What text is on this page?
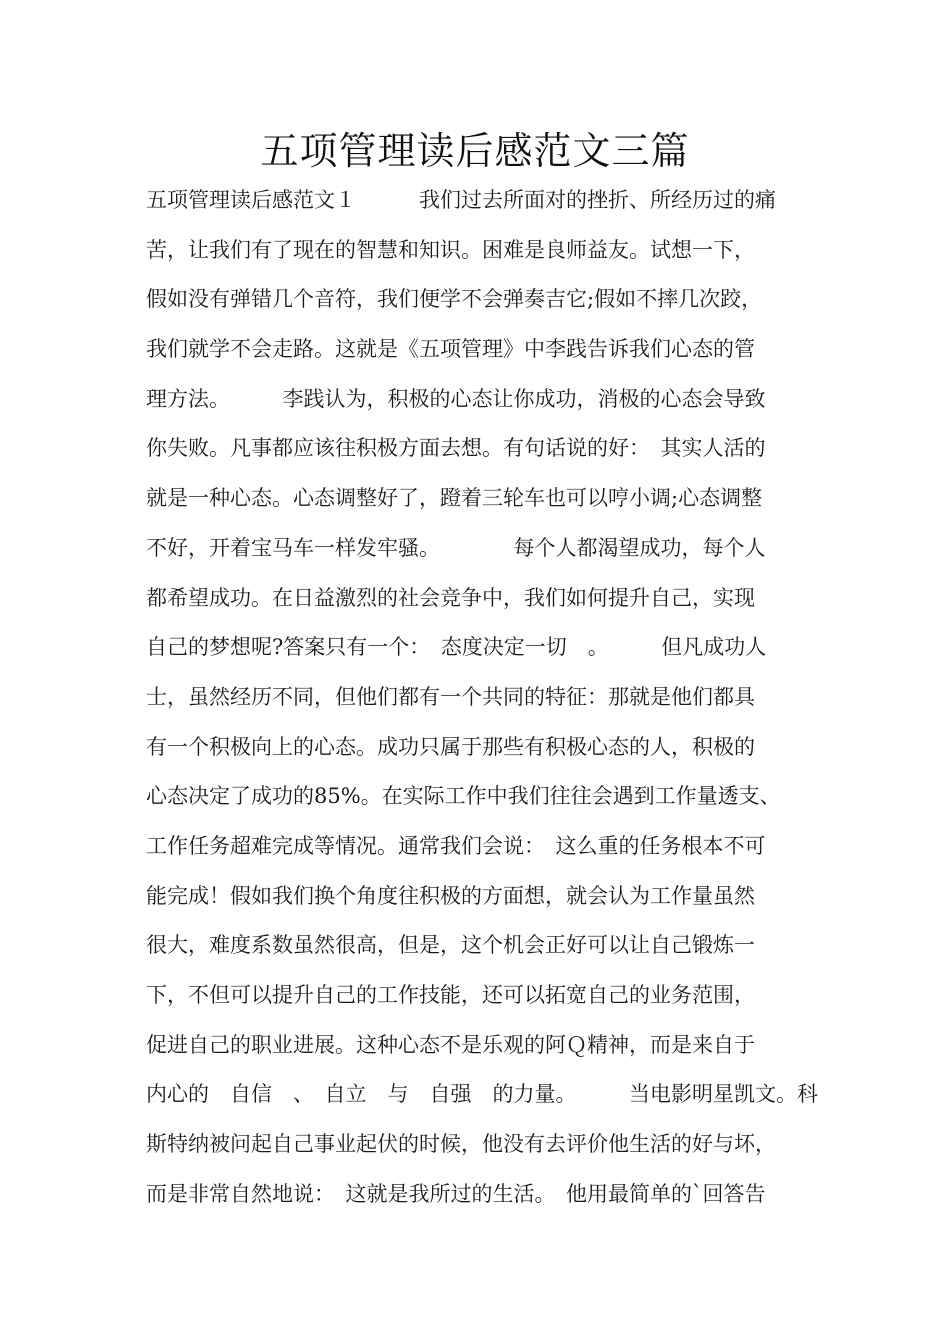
五项管理读后感范文三篇
五项管理读后感范文１　　　我们过去所面对的挫折、所经历过的痛
苦，让我们有了现在的智慧和知识。困难是良师益友。试想一下，
假如没有弹错几个音符，我们便学不会弹奏吉它;假如不摔几次跤，
我们就学不会走路。这就是《五项管理》中李践告诉我们心态的管
理方法。　　　李践认为，积极的心态让你成功，消极的心态会导致
你失败。凡事都应该往积极方面去想。有句话说的好：　其实人活的
就是一种心态。心态调整好了，蹬着三轮车也可以哼小调;心态调整
不好，开着宝马车一样发牢骚。　　　　每个人都渴望成功，每个人
都希望成功。在日益激烈的社会竞争中，我们如何提升自己，实现
自己的梦想呢?答案只有一个：　态度决定一切　。　　　但凡成功人
士，虽然经历不同，但他们都有一个共同的特征：那就是他们都具
有一个积极向上的心态。成功只属于那些有积极心态的人，积极的
心态决定了成功的85%。在实际工作中我们往往会遇到工作量透支、
工作任务超难完成等情况。通常我们会说：　这么重的任务根本不可
能完成！假如我们换个角度往积极的方面想，就会认为工作量虽然
很大，难度系数虽然很高，但是，这个机会正好可以让自己锻炼一
下，不但可以提升自己的工作技能，还可以拓宽自己的业务范围，
促进自己的职业进展。这种心态不是乐观的阿Ｑ精神，而是来自于
内心的　自信　、　自立　与　自强　的力量。　　　当电影明星凯文。科
斯特纳被问起自己事业起伏的时候，他没有去评价他生活的好与坏，
而是非常自然地说：　这就是我所过的生活。　他用最简单的`回答告
